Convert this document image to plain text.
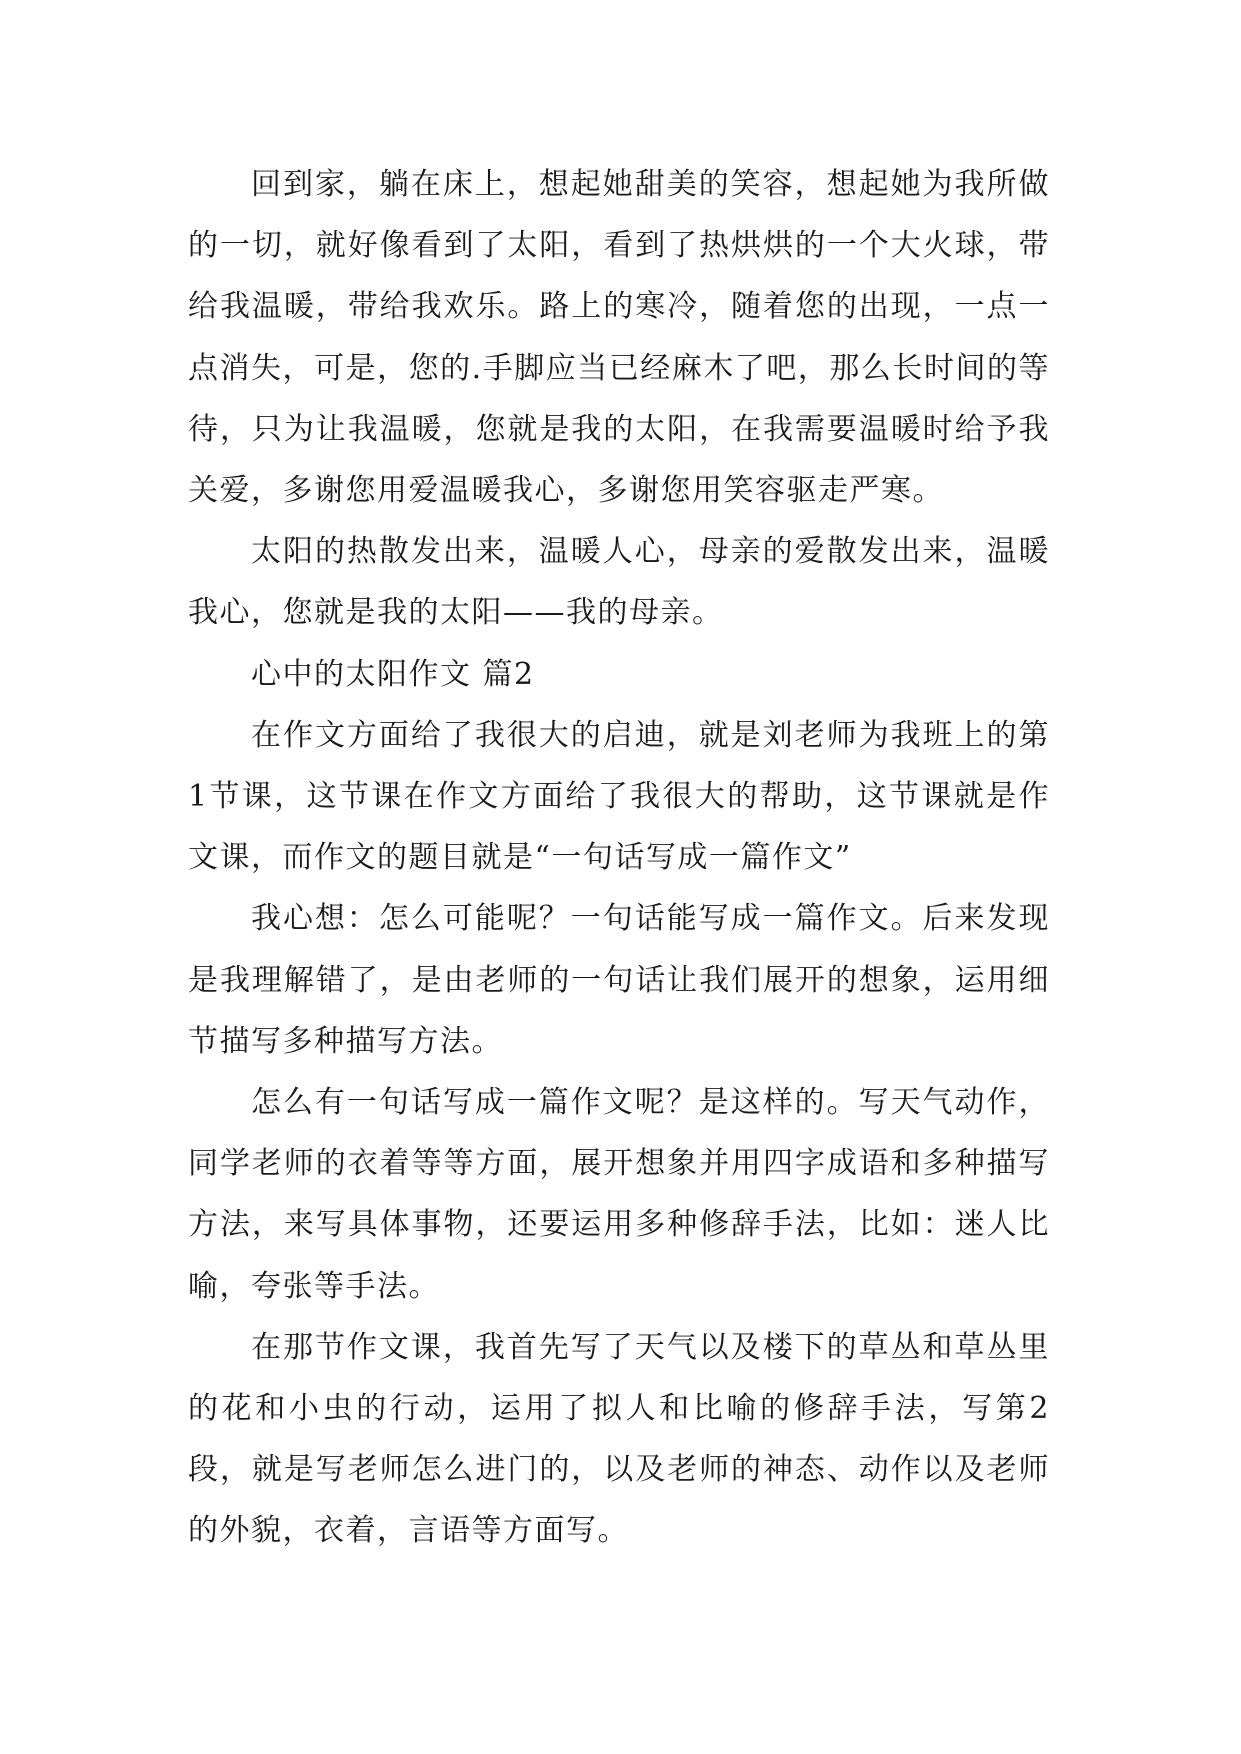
回到家，躺在床上，想起她甜美的笑容，想起她为我所做的一切，就好像看到了太阳，看到了热烘烘的一个大火球，带给我温暖，带给我欢乐。路上的寒冷，随着您的出现，一点一点消失，可是，您的.手脚应当已经麻木了吧，那么长时间的等待，只为让我温暖，您就是我的太阳，在我需要温暖时给予我关爱，多谢您用爱温暖我心，多谢您用笑容驱走严寒。

太阳的热散发出来，温暖人心，母亲的爱散发出来，温暖我心，您就是我的太阳——我的母亲。

心中的太阳作文 篇2

在作文方面给了我很大的启迪，就是刘老师为我班上的第1节课，这节课在作文方面给了我很大的帮助，这节课就是作文课，而作文的题目就是“一句话写成一篇作文”

我心想：怎么可能呢？一句话能写成一篇作文。后来发现是我理解错了，是由老师的一句话让我们展开的想象，运用细节描写多种描写方法。

怎么有一句话写成一篇作文呢？是这样的。写天气动作，同学老师的衣着等等方面，展开想象并用四字成语和多种描写方法，来写具体事物，还要运用多种修辞手法，比如：迷人比喻，夸张等手法。

在那节作文课，我首先写了天气以及楼下的草丛和草丛里的花和小虫的行动，运用了拟人和比喻的修辞手法，写第2段，就是写老师怎么进门的，以及老师的神态、动作以及老师的外貌，衣着，言语等方面写。
